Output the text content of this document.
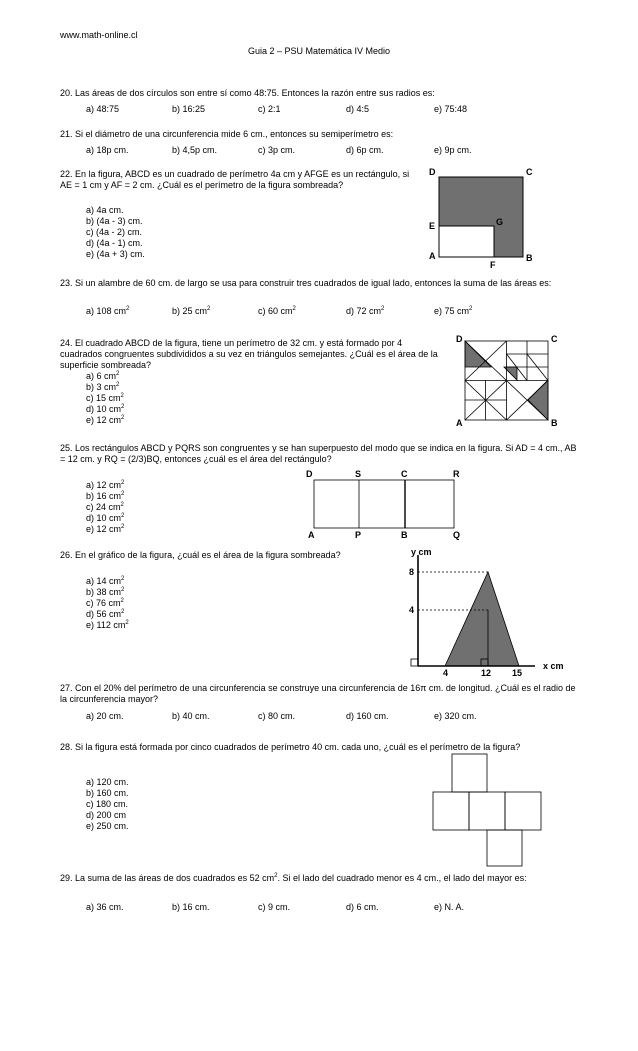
www.math-online.cl
Guia 2 – PSU Matemática IV Medio
20. Las áreas de dos círculos son entre sí como 48:75. Entonces la razón entre sus radios es:
a) 48:75	b) 16:25	c) 2:1	d) 4:5	e) 75:48
21. Si el diámetro de una circunferencia mide 6 cm., entonces su semiperímetro es:
a) 18p cm.	b) 4,5p cm.	c) 3p cm.	d) 6p cm.	e) 9p cm.
22. En la figura, ABCD es un cuadrado de perímetro 4a cm y AFGE es un rectángulo, si AE = 1 cm y AF = 2 cm. ¿Cuál es el perímetro de la figura sombreada?
a) 4a cm.
b) (4a - 3) cm.
c) (4a - 2) cm.
d) (4a - 1) cm.
e) (4a + 3) cm.
D	C
E	G
A
F
B
23. Si un alambre de 60 cm. de largo se usa para construir tres cuadrados de igual lado, entonces la suma de las áreas es:
a) 108 $cm^2$	b) 25 $cm^2$	c) 60 $cm^2$	d) 72 $cm^2$	e) 75 $cm^2$
24. El cuadrado ABCD de la figura, tiene un perímetro de 32 cm. y está formado por 4 cuadrados congruentes subdivididos a su vez en triángulos semejantes. ¿Cuál es el área de la superficie sombreada?
a) 6 $cm^2$
b) 3 $cm^2$
c) 15 $cm^2$
d) 10 $cm^2$
e) 12 $cm^2$
D	C
A	B
25. Los rectángulos ABCD y PQRS son congruentes y se han superpuesto del modo que se indica en la figura. Si AD = 4 cm., AB = 12 cm. y RQ = (2/3)BQ, entonces ¿cuál es el área del rectángulo?
a) 12 $cm^2$
b) 16 $cm^2$
c) 24 $cm^2$
d) 10 $cm^2$
e) 12 $cm^2$
D	S	C	R
A	P	B	Q
26. En el gráfico de la figura, ¿cuál es el área de la figura sombreada?
a) 14 $cm^2$
b) 38 $cm^2$
c) 76 $cm^2$
d) 56 $cm^2$
e) 112 $cm^2$
y cm
x cm
8
4
4	12 15
27. Con el 20% del perímetro de una circunferencia se construye una circunferencia de 16π cm. de longitud. ¿Cuál es el radio de la circunferencia mayor?
a) 20 cm.	b) 40 cm.	c) 80 cm.	d) 160 cm.	e) 320 cm.
28. Si la figura está formada por cinco cuadrados de perímetro 40 cm. cada uno, ¿cuál es el perímetro de la figura?
a) 120 cm.
b) 160 cm.
c) 180 cm.
d) 200 cm
e) 250 cm.
29. La suma de las áreas de dos cuadrados es 52 $cm^2$. Si el lado del cuadrado menor es 4 cm., el lado del mayor es:
a) 36 cm.	b) 16 cm.	c) 9 cm.	d) 6 cm.	e) N. A.
